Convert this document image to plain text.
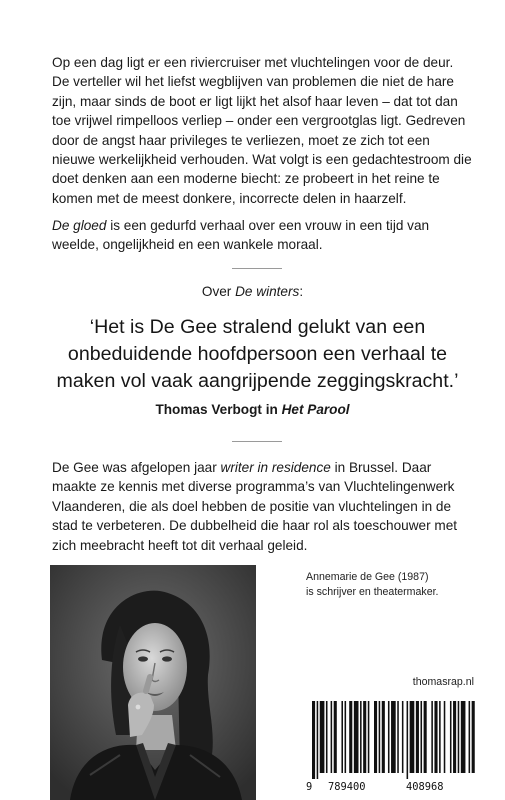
Op een dag ligt er een riviercruiser met vluchtelingen voor de deur. De verteller wil het liefst wegblijven van problemen die niet de hare zijn, maar sinds de boot er ligt lijkt het alsof haar leven – dat tot dan toe vrijwel rimpelloos verliep – onder een vergrootglas ligt. Gedreven door de angst haar privileges te verliezen, moet ze zich tot een nieuwe werkelijkheid verhouden. Wat volgt is een gedachtestroom die doet denken aan een moderne biecht: ze probeert in het reine te komen met de meest donkere, incorrecte delen in haarzelf.

De gloed is een gedurfd verhaal over een vrouw in een tijd van weelde, ongelijkheid en een wankele moraal.

Over De winters:

‘Het is De Gee stralend gelukt van een onbeduidende hoofdpersoon een verhaal te maken vol vaak aangrijpende zeggingskracht.’

Thomas Verbogt in Het Parool

De Gee was afgelopen jaar writer in residence in Brussel. Daar maakte ze kennis met diverse programma’s van Vluchtelingenwerk Vlaanderen, die als doel hebben de positie van vluchtelingen in de stad te verbeteren. De dubbelheid die haar rol als toeschouwer met zich meebracht heeft tot dit verhaal geleid.

Annemarie de Gee (1987)
is schrijver en theatermaker.

thomasrap.nl
9 789400	408968
